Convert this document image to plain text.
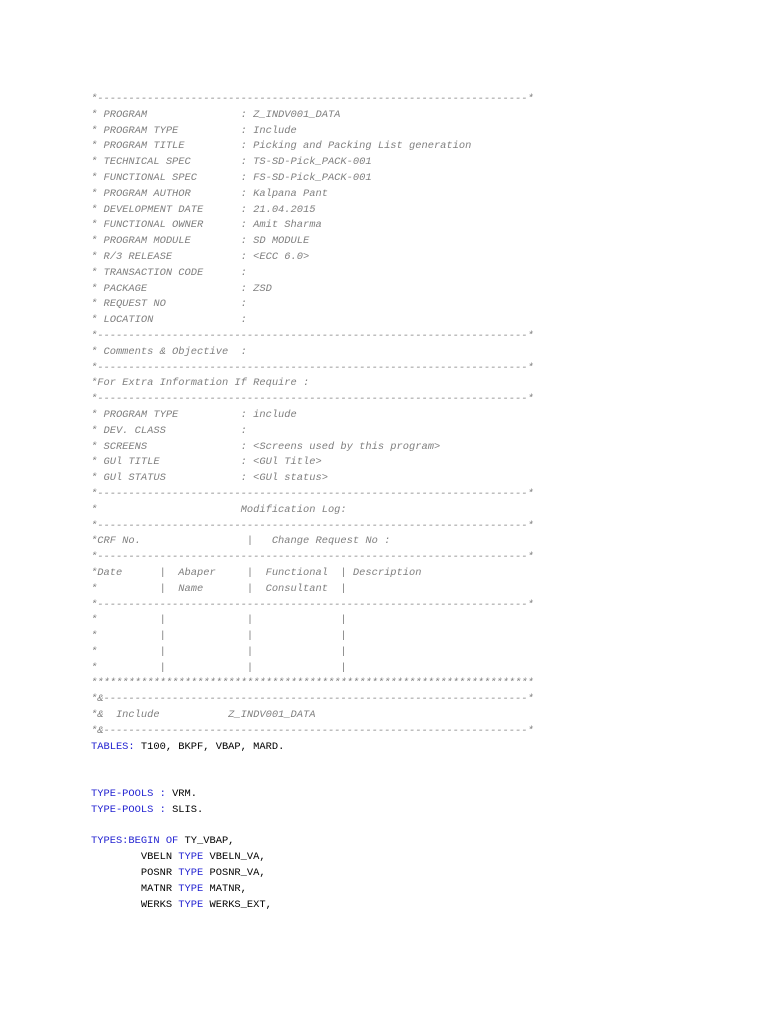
*---------------------------------------------------------------------*
* PROGRAM               : Z_INDV001_DATA
* PROGRAM TYPE          : Include
* PROGRAM TITLE         : Picking and Packing List generation
* TECHNICAL SPEC        : TS-SD-Pick_PACK-001
* FUNCTIONAL SPEC       : FS-SD-Pick_PACK-001
* PROGRAM AUTHOR        : Kalpana Pant
* DEVELOPMENT DATE      : 21.04.2015
* FUNCTIONAL OWNER      : Amit Sharma
* PROGRAM MODULE        : SD MODULE
* R/3 RELEASE           : <ECC 6.0>
* TRANSACTION CODE      :
* PACKAGE               : ZSD
* REQUEST NO            :
* LOCATION              :
*---------------------------------------------------------------------*
* Comments & Objective  :
*---------------------------------------------------------------------*
*For Extra Information If Require :
*---------------------------------------------------------------------*
* PROGRAM TYPE          : include
* DEV. CLASS            :
* SCREENS               : <Screens used by this program>
* GUl TITLE             : <GUl Title>
* GUl STATUS            : <GUl status>
*---------------------------------------------------------------------*
*                       Modification Log:
*---------------------------------------------------------------------*
*CRF No.                 |   Change Request No :
*---------------------------------------------------------------------*
*Date      |  Abaper     |  Functional  | Description
*          |  Name       |  Consultant  |
*---------------------------------------------------------------------*
*          |             |              |
*          |             |              |
*          |             |              |
*          |             |              |
***********************************************************************
*&--------------------------------------------------------------------*
*&  Include           Z_INDV001_DATA
*&--------------------------------------------------------------------*
TABLES: T100, BKPF, VBAP, MARD.
TYPE-POOLS : VRM.
TYPE-POOLS : SLIS.
TYPES:BEGIN OF TY_VBAP,
VBELN TYPE VBELN_VA,
POSNR TYPE POSNR_VA,
MATNR TYPE MATNR,
WERKS TYPE WERKS_EXT,
